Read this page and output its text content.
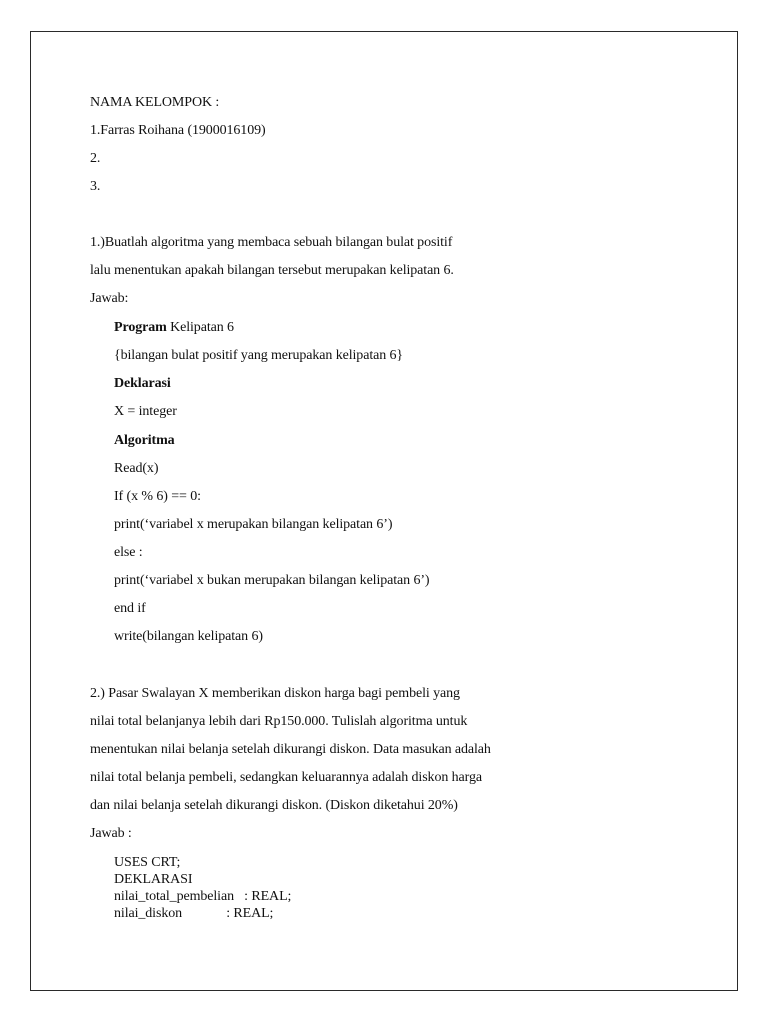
NAMA KELOMPOK :
1.Farras Roihana (1900016109)
2.
3.
1.)Buatlah algoritma yang membaca sebuah bilangan bulat positif
lalu menentukan apakah bilangan tersebut merupakan kelipatan 6.
Jawab:
Program Kelipatan 6
{bilangan bulat positif yang merupakan kelipatan 6}
Deklarasi
X = integer
Algoritma
Read(x)
If (x % 6) == 0:
print(‘variabel x merupakan bilangan kelipatan 6’)
else :
print(‘variabel x bukan merupakan bilangan kelipatan 6’)
end if
write(bilangan kelipatan 6)
2.) Pasar Swalayan X memberikan diskon harga bagi pembeli yang
nilai total belanjanya lebih dari Rp150.000. Tulislah algoritma untuk
menentukan nilai belanja setelah dikurangi diskon. Data masukan adalah
nilai total belanja pembeli, sedangkan keluarannya adalah diskon harga
dan nilai belanja setelah dikurangi diskon. (Diskon diketahui 20%)
Jawab :
USES CRT;
DEKLARASI
nilai_total_pembelian   : REAL;
nilai_diskon             : REAL;
